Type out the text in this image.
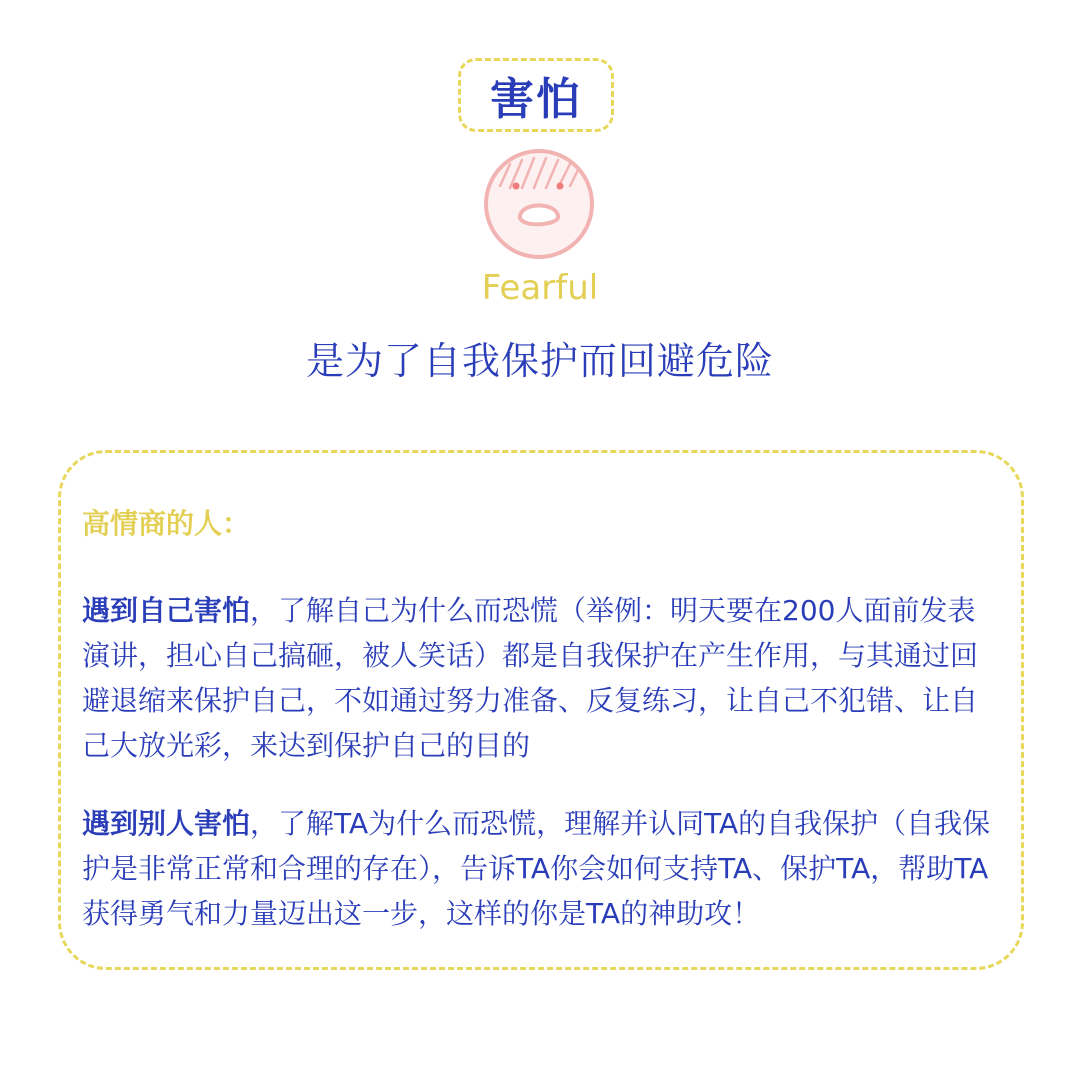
害怕
Fearful
是为了自我保护而回避危险
高情商的人：

遇到自己害怕，了解自己为什么而恐慌（举例：明天要在200人面前发表演讲，担心自己搞砸，被人笑话）都是自我保护在产生作用，与其通过回避退缩来保护自己，不如通过努力准备、反复练习，让自己不犯错、让自己大放光彩，来达到保护自己的目的

遇到别人害怕，了解TA为什么而恐慌，理解并认同TA的自我保护（自我保护是非常正常和合理的存在），告诉TA你会如何支持TA、保护TA，帮助TA获得勇气和力量迈出这一步，这样的你是TA的神助攻！
